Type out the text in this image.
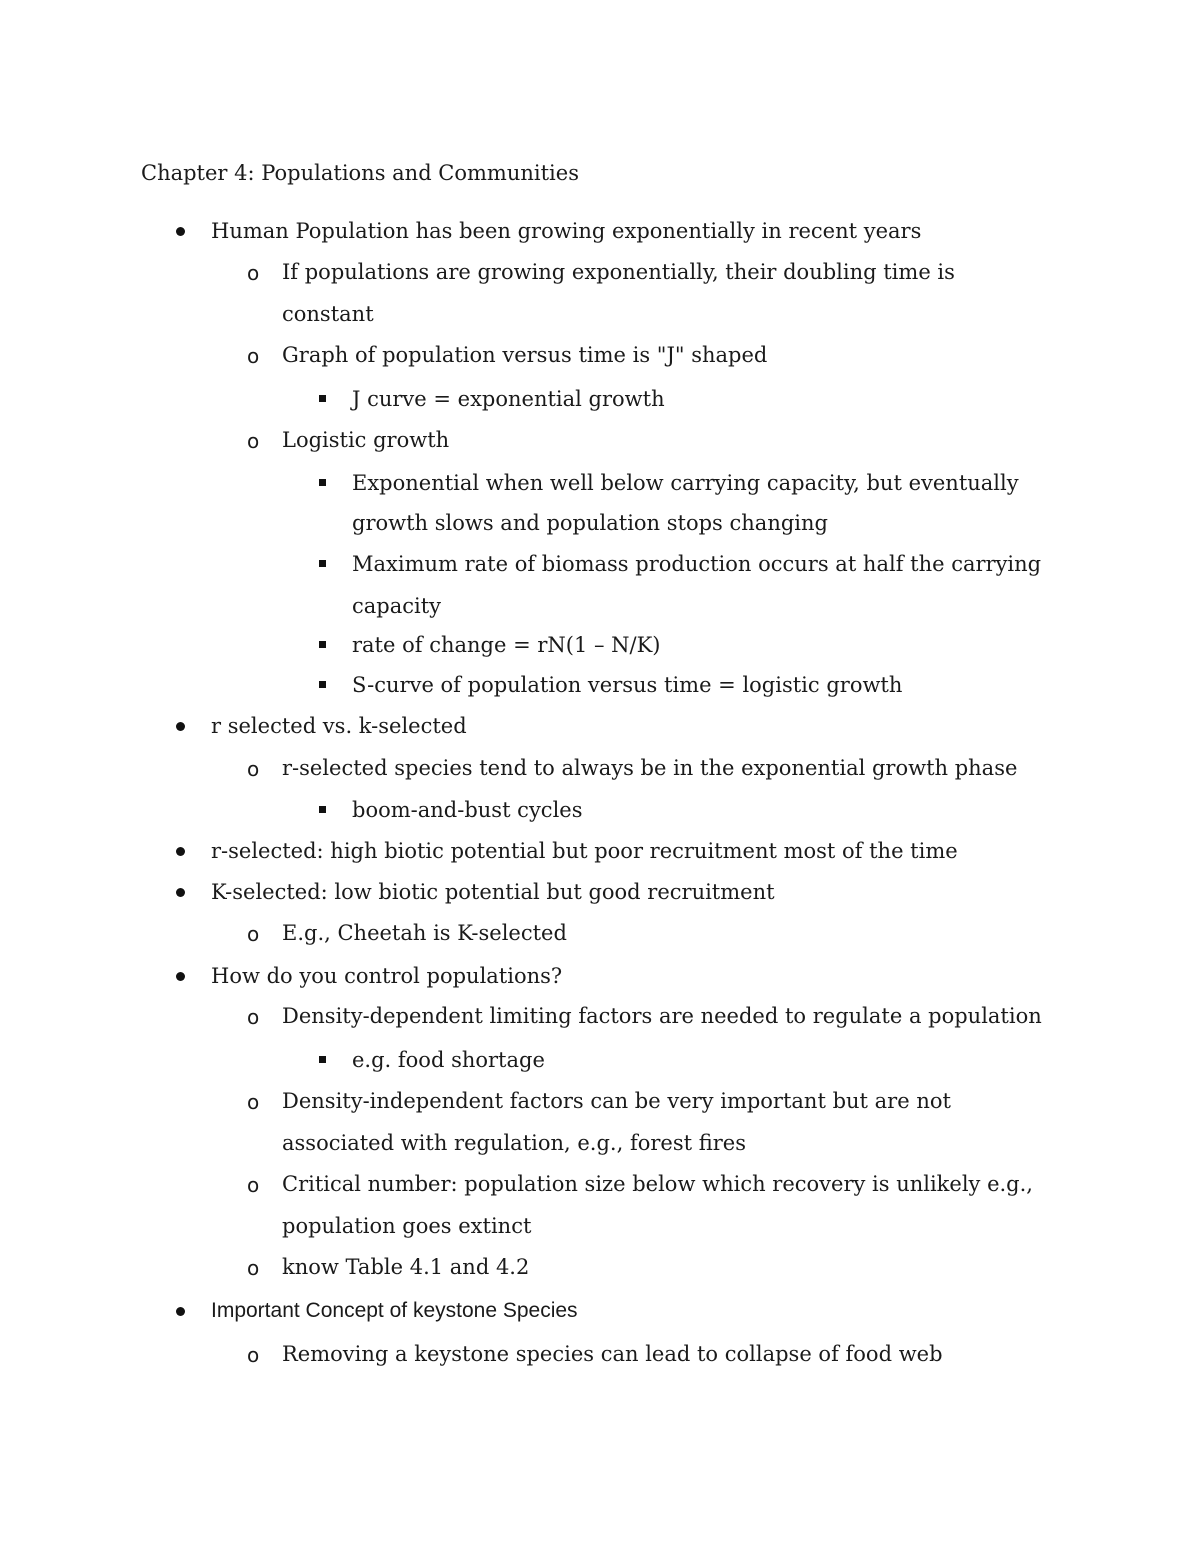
Chapter 4: Populations and Communities
Human Population has been growing exponentially in recent years
If populations are growing exponentially, their doubling time is
o
constant
Graph of population versus time is "J" shaped
o
J curve = exponential growth
Logistic growth
o
Exponential when well below carrying capacity, but eventually
growth slows and population stops changing
Maximum rate of biomass production occurs at half the carrying
capacity
rate of change = rN(1 – N/K)
S-curve of population versus time = logistic growth
r selected vs. k-selected
r-selected species tend to always be in the exponential growth phase
o
boom-and-bust cycles
r-selected: high biotic potential but poor recruitment most of the time
K-selected: low biotic potential but good recruitment
E.g., Cheetah is K-selected
o
How do you control populations?
Density-dependent limiting factors are needed to regulate a population
o
e.g. food shortage
Density-independent factors can be very important but are not
o
associated with regulation, e.g., forest fires
Critical number: population size below which recovery is unlikely e.g.,
o
population goes extinct
know Table 4.1 and 4.2
o
Important Concept of keystone Species
Removing a keystone species can lead to collapse of food web
o
